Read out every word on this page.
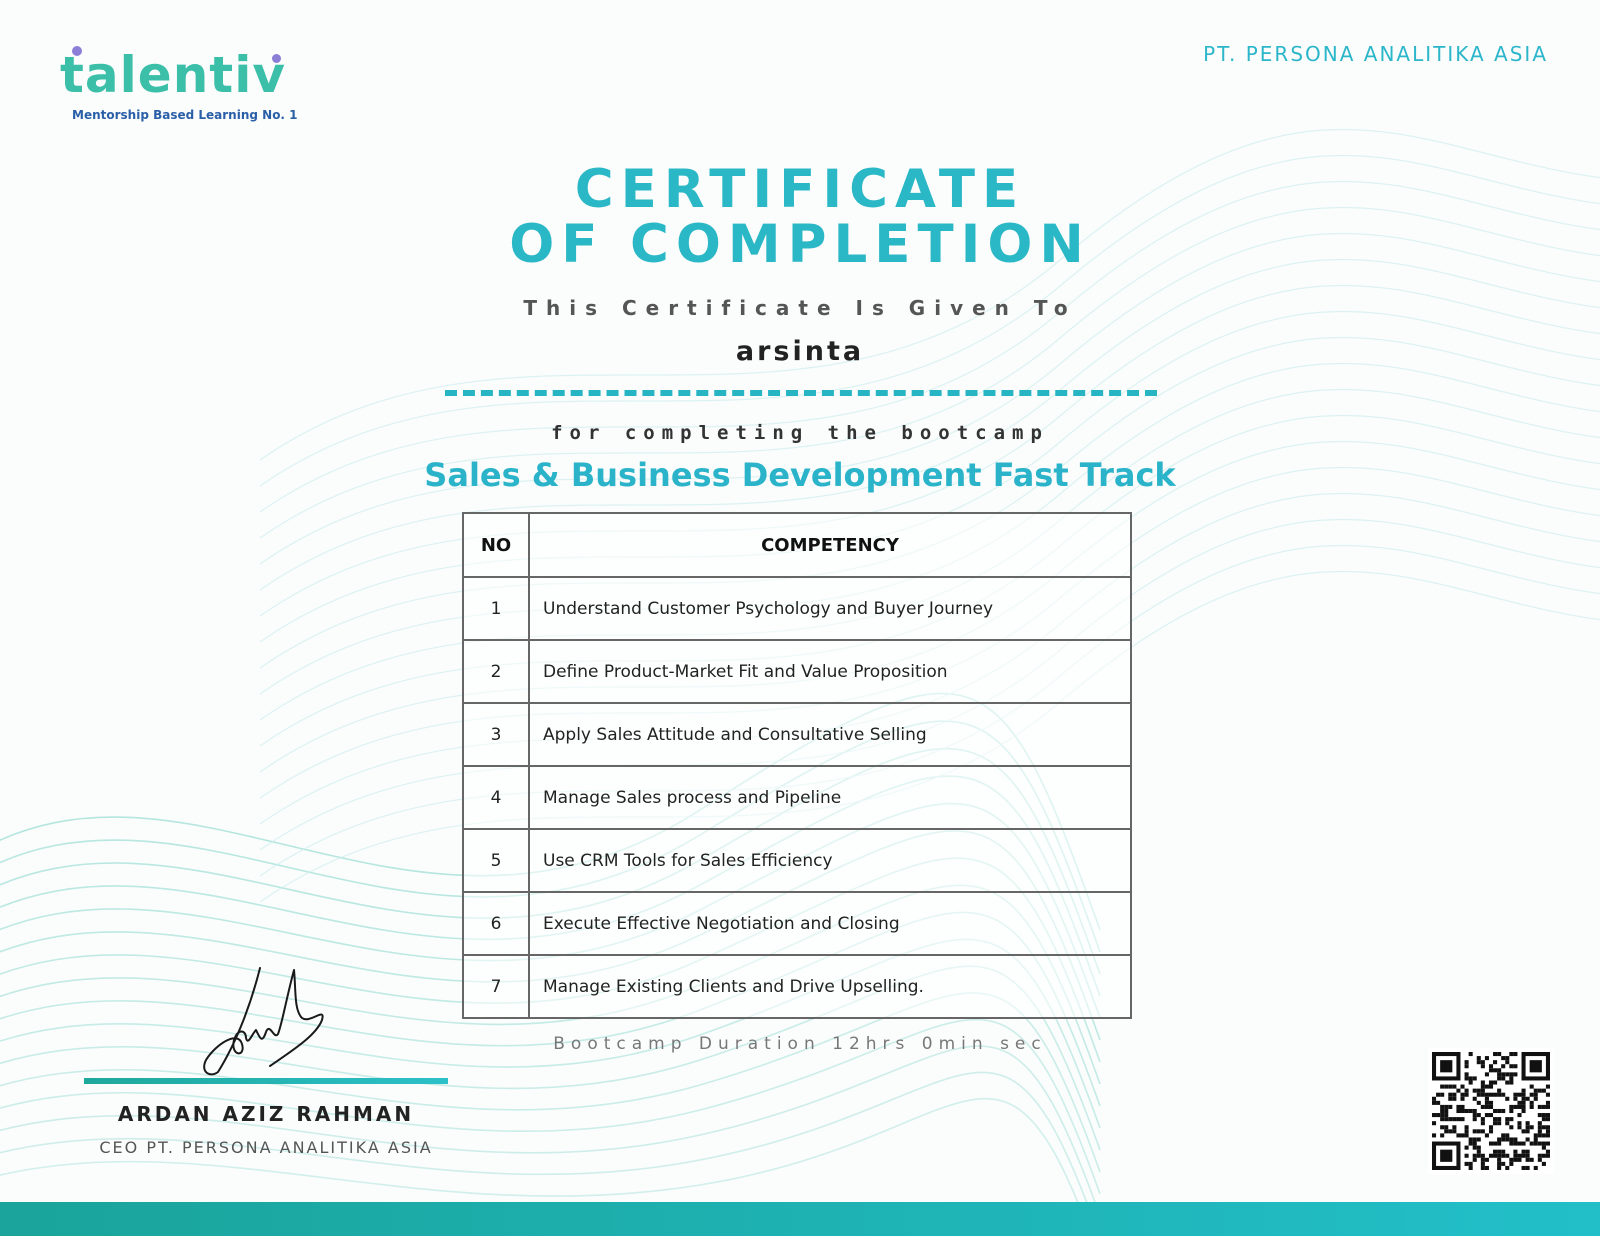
talentiv
Mentorship Based Learning No. 1
PT. PERSONA ANALITIKA ASIA
CERTIFICATE
OF COMPLETION
This Certificate Is Given To
arsinta
for completing the bootcamp
Sales & Business Development Fast Track
NO	COMPETENCY
1	Understand Customer Psychology and Buyer Journey
2	Define Product-Market Fit and Value Proposition
3	Apply Sales Attitude and Consultative Selling
4	Manage Sales process and Pipeline
5	Use CRM Tools for Sales Efficiency
6	Execute Effective Negotiation and Closing
7	Manage Existing Clients and Drive Upselling.
Bootcamp Duration 12hrs 0min sec
ARDAN AZIZ RAHMAN
CEO PT. PERSONA ANALITIKA ASIA
